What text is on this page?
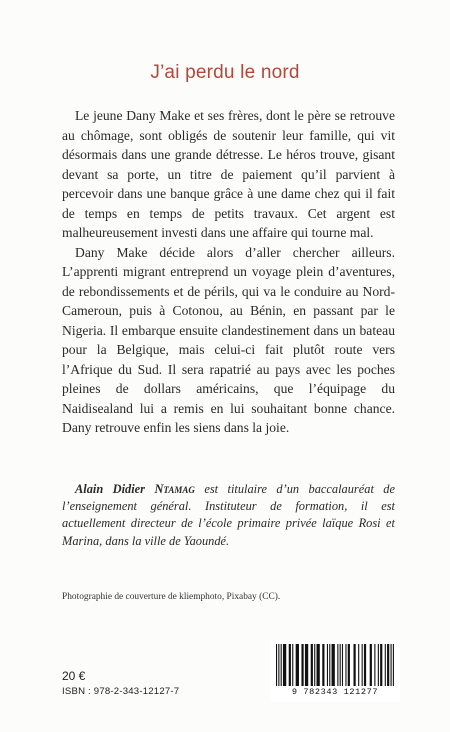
J’ai perdu le nord

Le jeune Dany Make et ses frères, dont le père se retrouve au chômage, sont obligés de soutenir leur famille, qui vit désormais dans une grande détresse. Le héros trouve, gisant devant sa porte, un titre de paiement qu’il parvient à percevoir dans une banque grâce à une dame chez qui il fait de temps en temps de petits travaux. Cet argent est malheureusement investi dans une affaire qui tourne mal.

Dany Make décide alors d’aller chercher ailleurs. L’apprenti migrant entreprend un voyage plein d’aventures, de rebondissements et de périls, qui va le conduire au Nord-Cameroun, puis à Cotonou, au Bénin, en passant par le Nigeria. Il embarque ensuite clandestinement dans un bateau pour la Belgique, mais celui-ci fait plutôt route vers l’Afrique du Sud. Il sera rapatrié au pays avec les poches pleines de dollars américains, que l’équipage du Naidisealand lui a remis en lui souhaitant bonne chance. Dany retrouve enfin les siens dans la joie.

Alain Didier Ntamag est titulaire d’un baccalauréat de l’enseignement général. Instituteur de formation, il est actuellement directeur de l’école primaire privée laïque Rosi et Marina, dans la ville de Yaoundé.

Photographie de couverture de kliemphoto, Pixabay (CC).
20 €
ISBN : 978-2-343-12127-7	9 782343 121277
